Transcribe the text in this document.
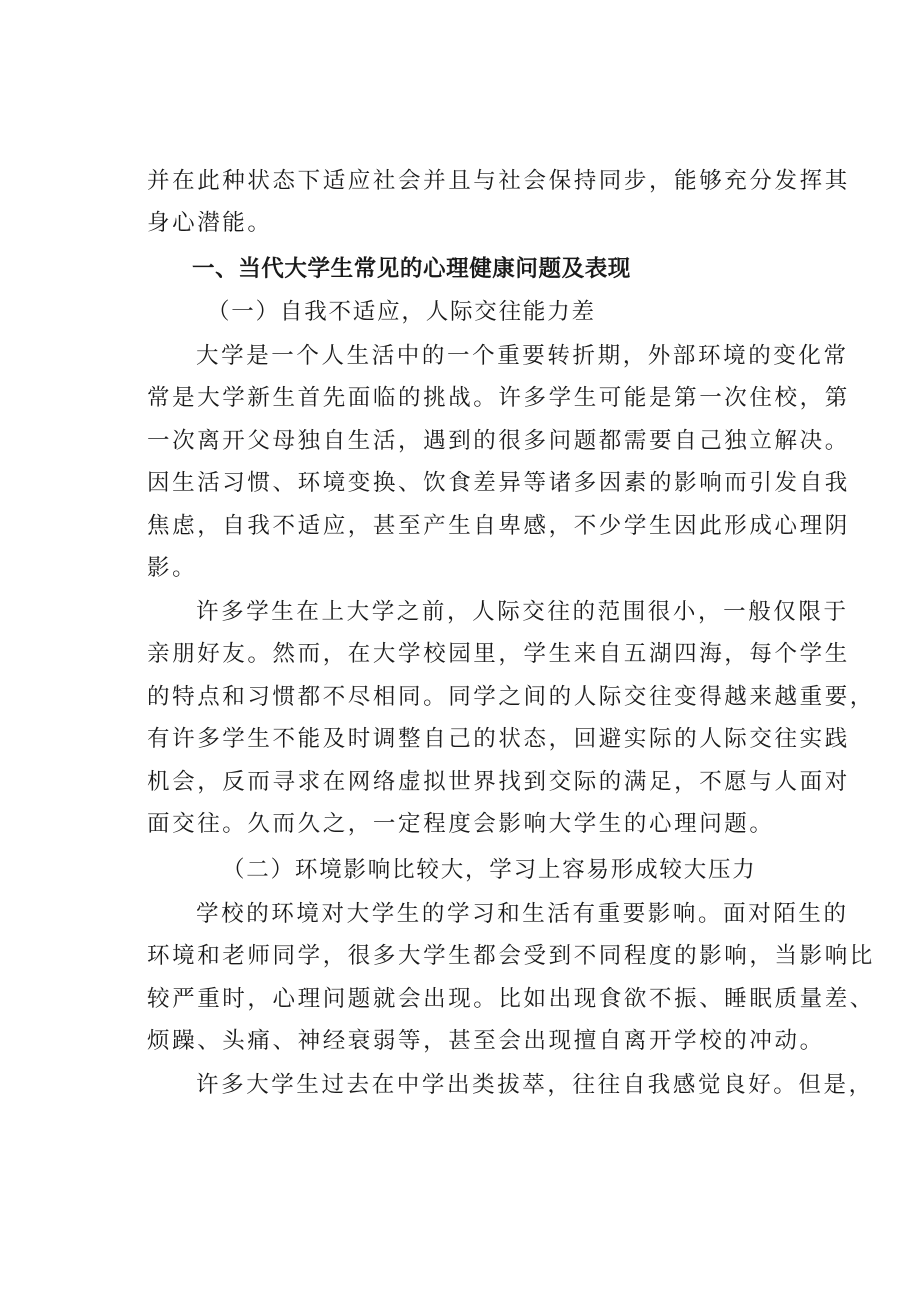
并在此种状态下适应社会并且与社会保持同步，能够充分发挥其
身心潜能。
一、当代大学生常见的心理健康问题及表现
（一）自我不适应，人际交往能力差
大学是一个人生活中的一个重要转折期，外部环境的变化常
常是大学新生首先面临的挑战。许多学生可能是第一次住校，第
一次离开父母独自生活，遇到的很多问题都需要自己独立解决。
因生活习惯、环境变换、饮食差异等诸多因素的影响而引发自我
焦虑，自我不适应，甚至产生自卑感，不少学生因此形成心理阴
影。
许多学生在上大学之前，人际交往的范围很小，一般仅限于
亲朋好友。然而，在大学校园里，学生来自五湖四海，每个学生
的特点和习惯都不尽相同。同学之间的人际交往变得越来越重要，
有许多学生不能及时调整自己的状态，回避实际的人际交往实践
机会，反而寻求在网络虚拟世界找到交际的满足，不愿与人面对
面交往。久而久之，一定程度会影响大学生的心理问题。
（二）环境影响比较大，学习上容易形成较大压力
学校的环境对大学生的学习和生活有重要影响。面对陌生的
环境和老师同学，很多大学生都会受到不同程度的影响，当影响比
较严重时，心理问题就会出现。比如出现食欲不振、睡眠质量差、
烦躁、头痛、神经衰弱等，甚至会出现擅自离开学校的冲动。
许多大学生过去在中学出类拔萃，往往自我感觉良好。但是，
